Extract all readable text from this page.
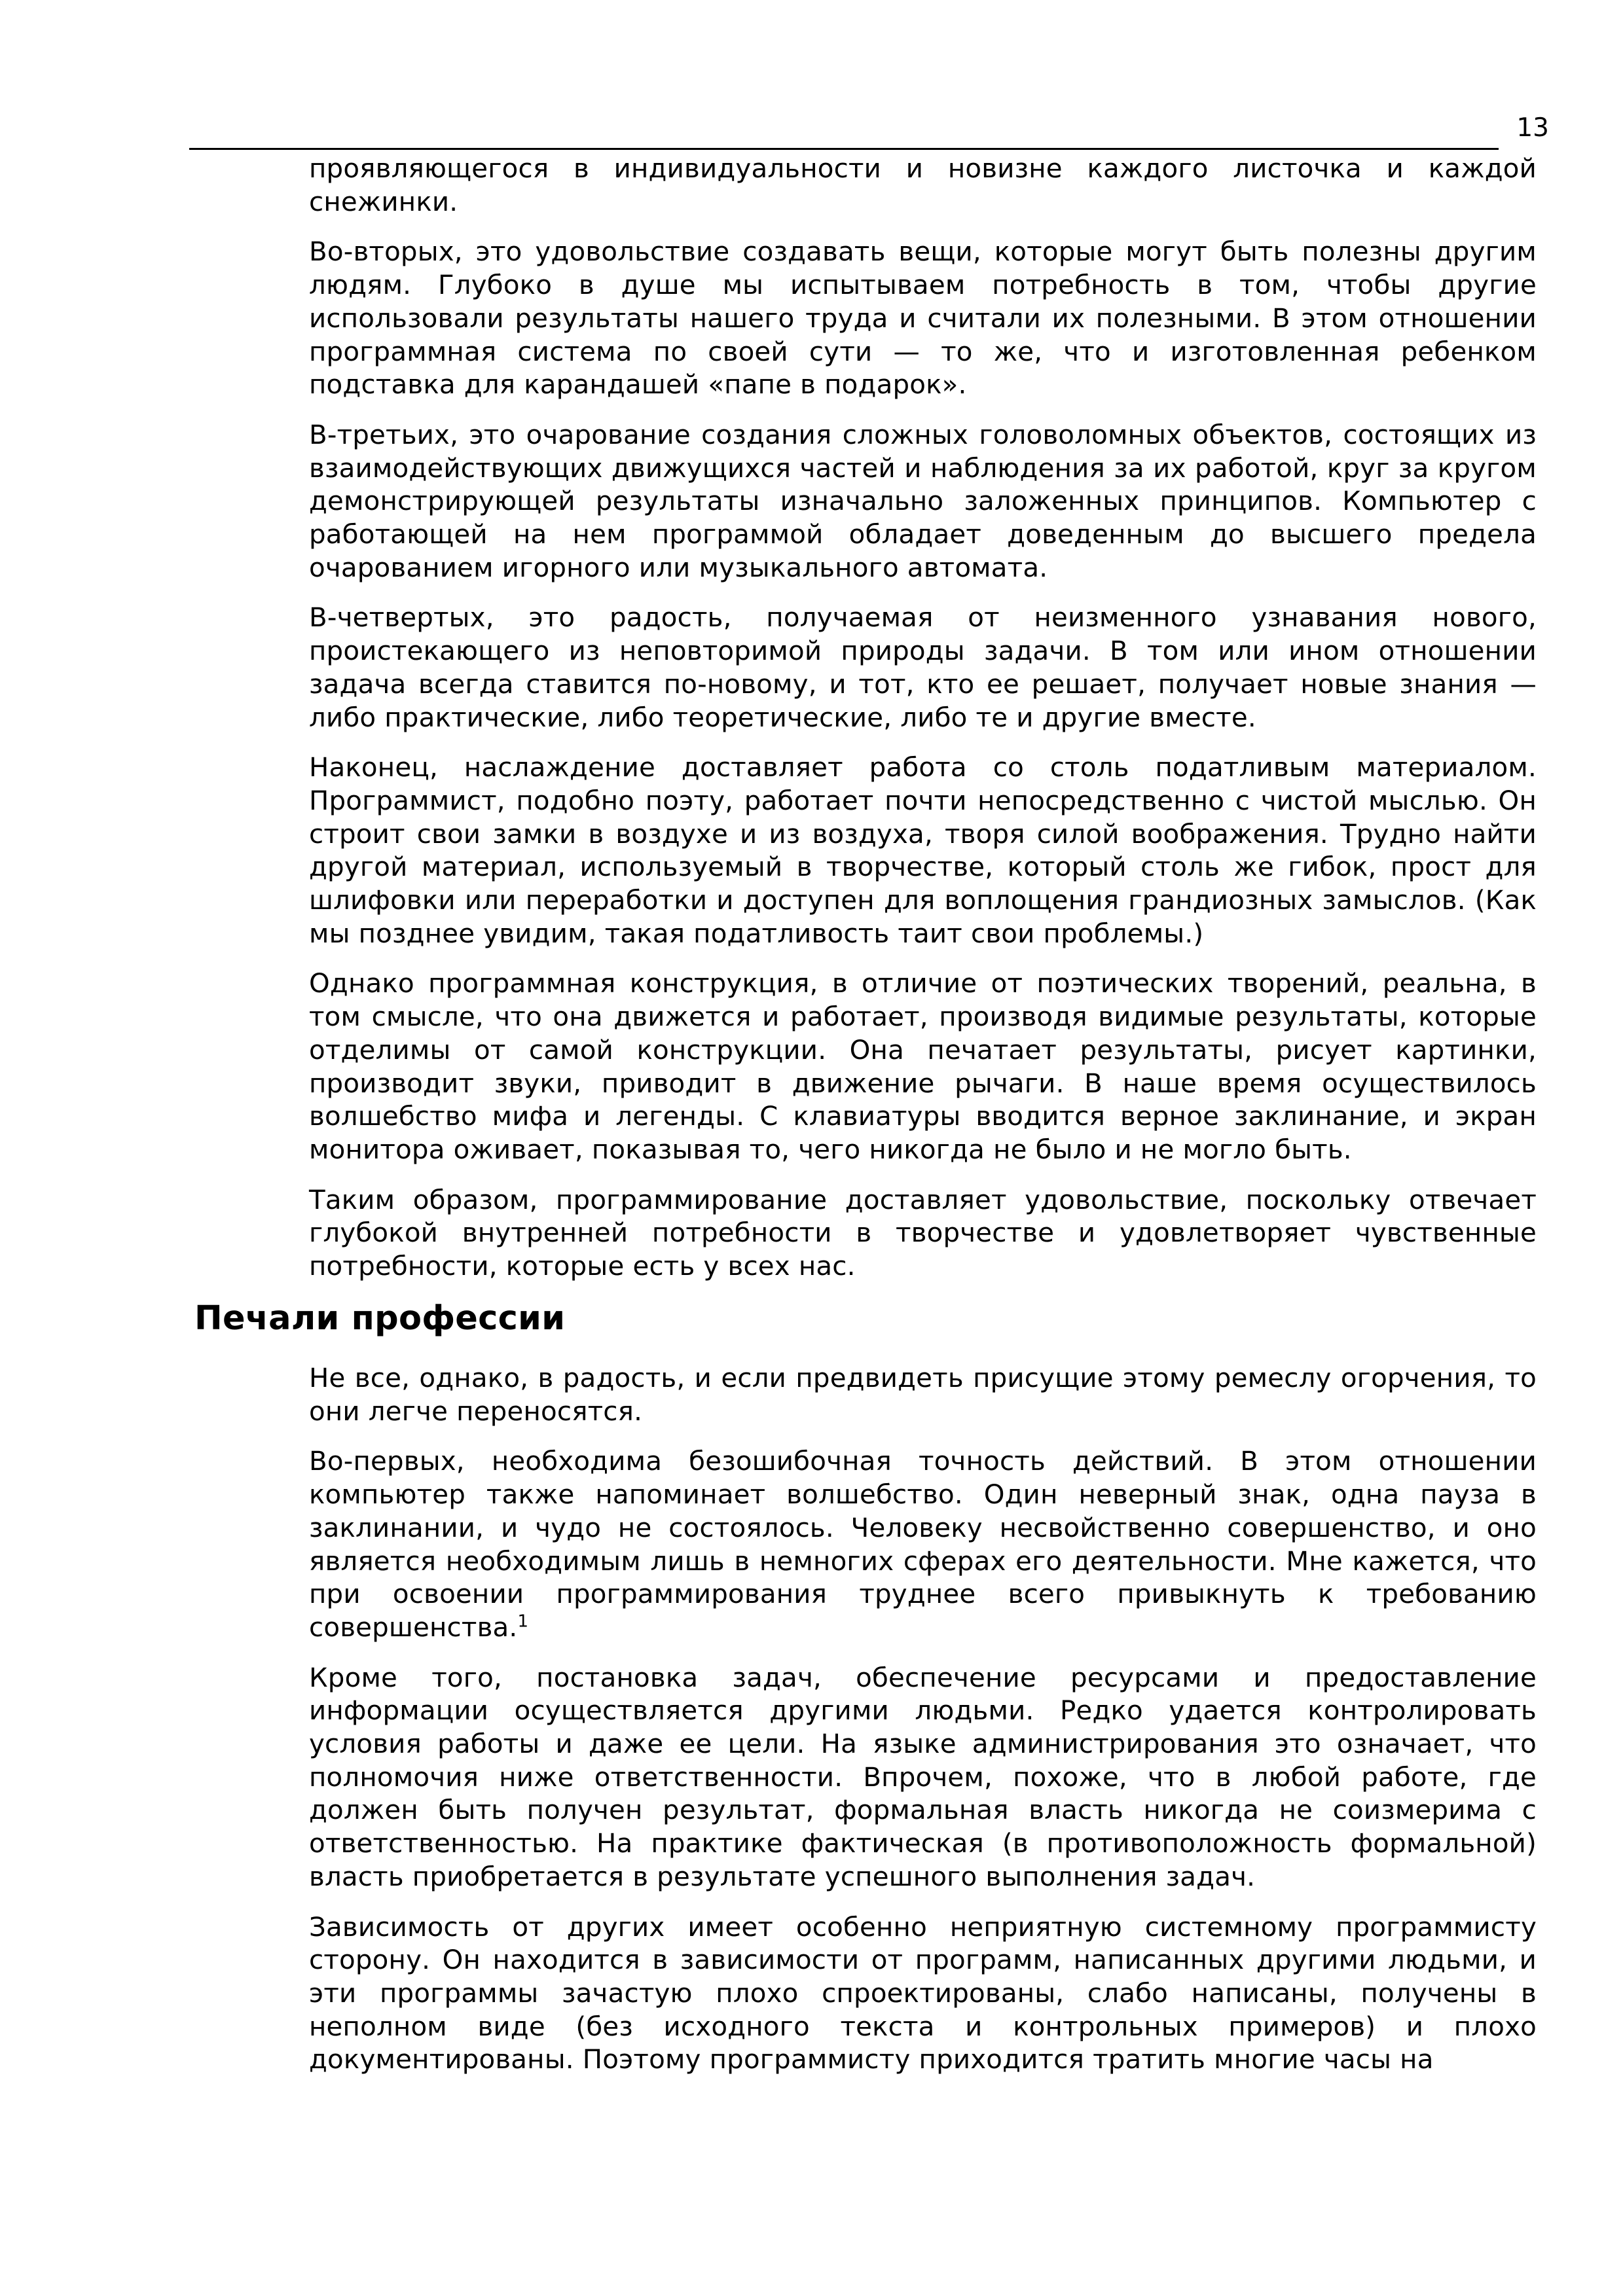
13

проявляющегося в индивидуальности и новизне каждого листочка и каждой снежинки.

Во-вторых, это удовольствие создавать вещи, которые могут быть полезны другим людям. Глубоко в душе мы испытываем потребность в том, чтобы другие использовали результаты нашего труда и считали их полезными. В этом отношении программная система по своей сути — то же, что и изготовленная ребенком подставка для карандашей «папе в подарок».

В-третьих, это очарование создания сложных головоломных объектов, состоящих из взаимодействующих движущихся частей и наблюдения за их работой, круг за кругом демонстрирующей результаты изначально заложенных принципов. Компьютер с работающей на нем программой обладает доведенным до высшего предела очарованием игорного или музыкального автомата.

В-четвертых, это радость, получаемая от неизменного узнавания нового, проистекающего из неповторимой природы задачи. В том или ином отношении задача всегда ставится по-новому, и тот, кто ее решает, получает новые знания — либо практические, либо теоретические, либо те и другие вместе.

Наконец, наслаждение доставляет работа со столь податливым материалом. Программист, подобно поэту, работает почти непосредственно с чистой мыслью. Он строит свои замки в воздухе и из воздуха, творя силой воображения. Трудно найти другой материал, используемый в творчестве, который столь же гибок, прост для шлифовки или переработки и доступен для воплощения грандиозных замыслов. (Как мы позднее увидим, такая податливость таит свои проблемы.)

Однако программная конструкция, в отличие от поэтических творений, реальна, в том смысле, что она движется и работает, производя видимые результаты, которые отделимы от самой конструкции. Она печатает результаты, рисует картинки, производит звуки, приводит в движение рычаги. В наше время осуществилось волшебство мифа и легенды. С клавиатуры вводится верное заклинание, и экран монитора оживает, показывая то, чего никогда не было и не могло быть.

Таким образом, программирование доставляет удовольствие, поскольку отвечает глубокой внутренней потребности в творчестве и удовлетворяет чувственные потребности, которые есть у всех нас.

Печали профессии

Не все, однако, в радость, и если предвидеть присущие этому ремеслу огорчения, то они легче переносятся.

Во-первых, необходима безошибочная точность действий. В этом отношении компьютер также напоминает волшебство. Один неверный знак, одна пауза в заклинании, и чудо не состоялось. Человеку несвойственно совершенство, и оно является необходимым лишь в немногих сферах его деятельности. Мне кажется, что при освоении программирования труднее всего привыкнуть к требованию совершенства.$^1$

Кроме того, постановка задач, обеспечение ресурсами и предоставление информации осуществляется другими людьми. Редко удается контролировать условия работы и даже ее цели. На языке администрирования это означает, что полномочия ниже ответственности. Впрочем, похоже, что в любой работе, где должен быть получен результат, формальная власть никогда не соизмерима с ответственностью. На практике фактическая (в противоположность формальной) власть приобретается в результате успешного выполнения задач.

Зависимость от других имеет особенно неприятную системному программисту сторону. Он находится в зависимости от программ, написанных другими людьми, и эти программы зачастую плохо спроектированы, слабо написаны, получены в неполном виде (без исходного текста и контрольных примеров) и плохо документированы. Поэтому программисту приходится тратить многие часы на
